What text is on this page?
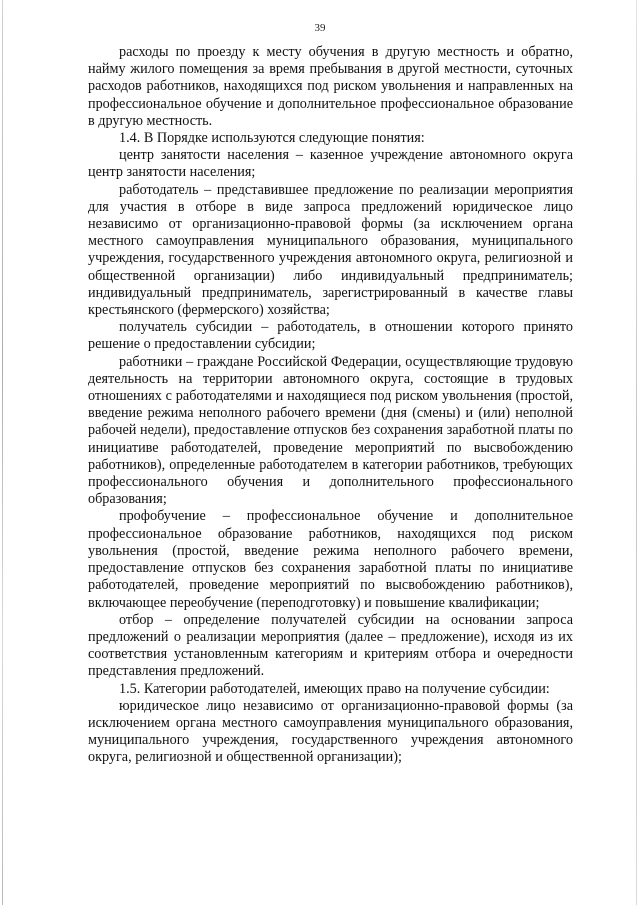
39

расходы по проезду к месту обучения в другую местность и обратно, найму жилого помещения за время пребывания в другой местности, суточных расходов работников, находящихся под риском увольнения и направленных на профессиональное обучение и дополнительное профессиональное образование в другую местность.

1.4. В Порядке используются следующие понятия:

центр занятости населения – казенное учреждение автономного округа центр занятости населения;

работодатель – представившее предложение по реализации мероприятия для участия в отборе в виде запроса предложений юридическое лицо независимо от организационно-правовой формы (за исключением органа местного самоуправления муниципального образования, муниципального учреждения, государственного учреждения автономного округа, религиозной и общественной организации) либо индивидуальный предприниматель; индивидуальный предприниматель, зарегистрированный в качестве главы крестьянского (фермерского) хозяйства;

получатель субсидии – работодатель, в отношении которого принято решение о предоставлении субсидии;

работники – граждане Российской Федерации, осуществляющие трудовую деятельность на территории автономного округа, состоящие в трудовых отношениях с работодателями и находящиеся под риском увольнения (простой, введение режима неполного рабочего времени (дня (смены) и (или) неполной рабочей недели), предоставление отпусков без сохранения заработной платы по инициативе работодателей, проведение мероприятий по высвобождению работников), определенные работодателем в категории работников, требующих профессионального обучения и дополнительного профессионального образования;

профобучение – профессиональное обучение и дополнительное профессиональное образование работников, находящихся под риском увольнения (простой, введение режима неполного рабочего времени, предоставление отпусков без сохранения заработной платы по инициативе работодателей, проведение мероприятий по высвобождению работников), включающее переобучение (переподготовку) и повышение квалификации;

отбор – определение получателей субсидии на основании запроса предложений о реализации мероприятия (далее – предложение), исходя из их соответствия установленным категориям и критериям отбора и очередности представления предложений.

1.5. Категории работодателей, имеющих право на получение субсидии:

юридическое лицо независимо от организационно-правовой формы (за исключением органа местного самоуправления муниципального образования, муниципального учреждения, государственного учреждения автономного округа, религиозной и общественной организации);
